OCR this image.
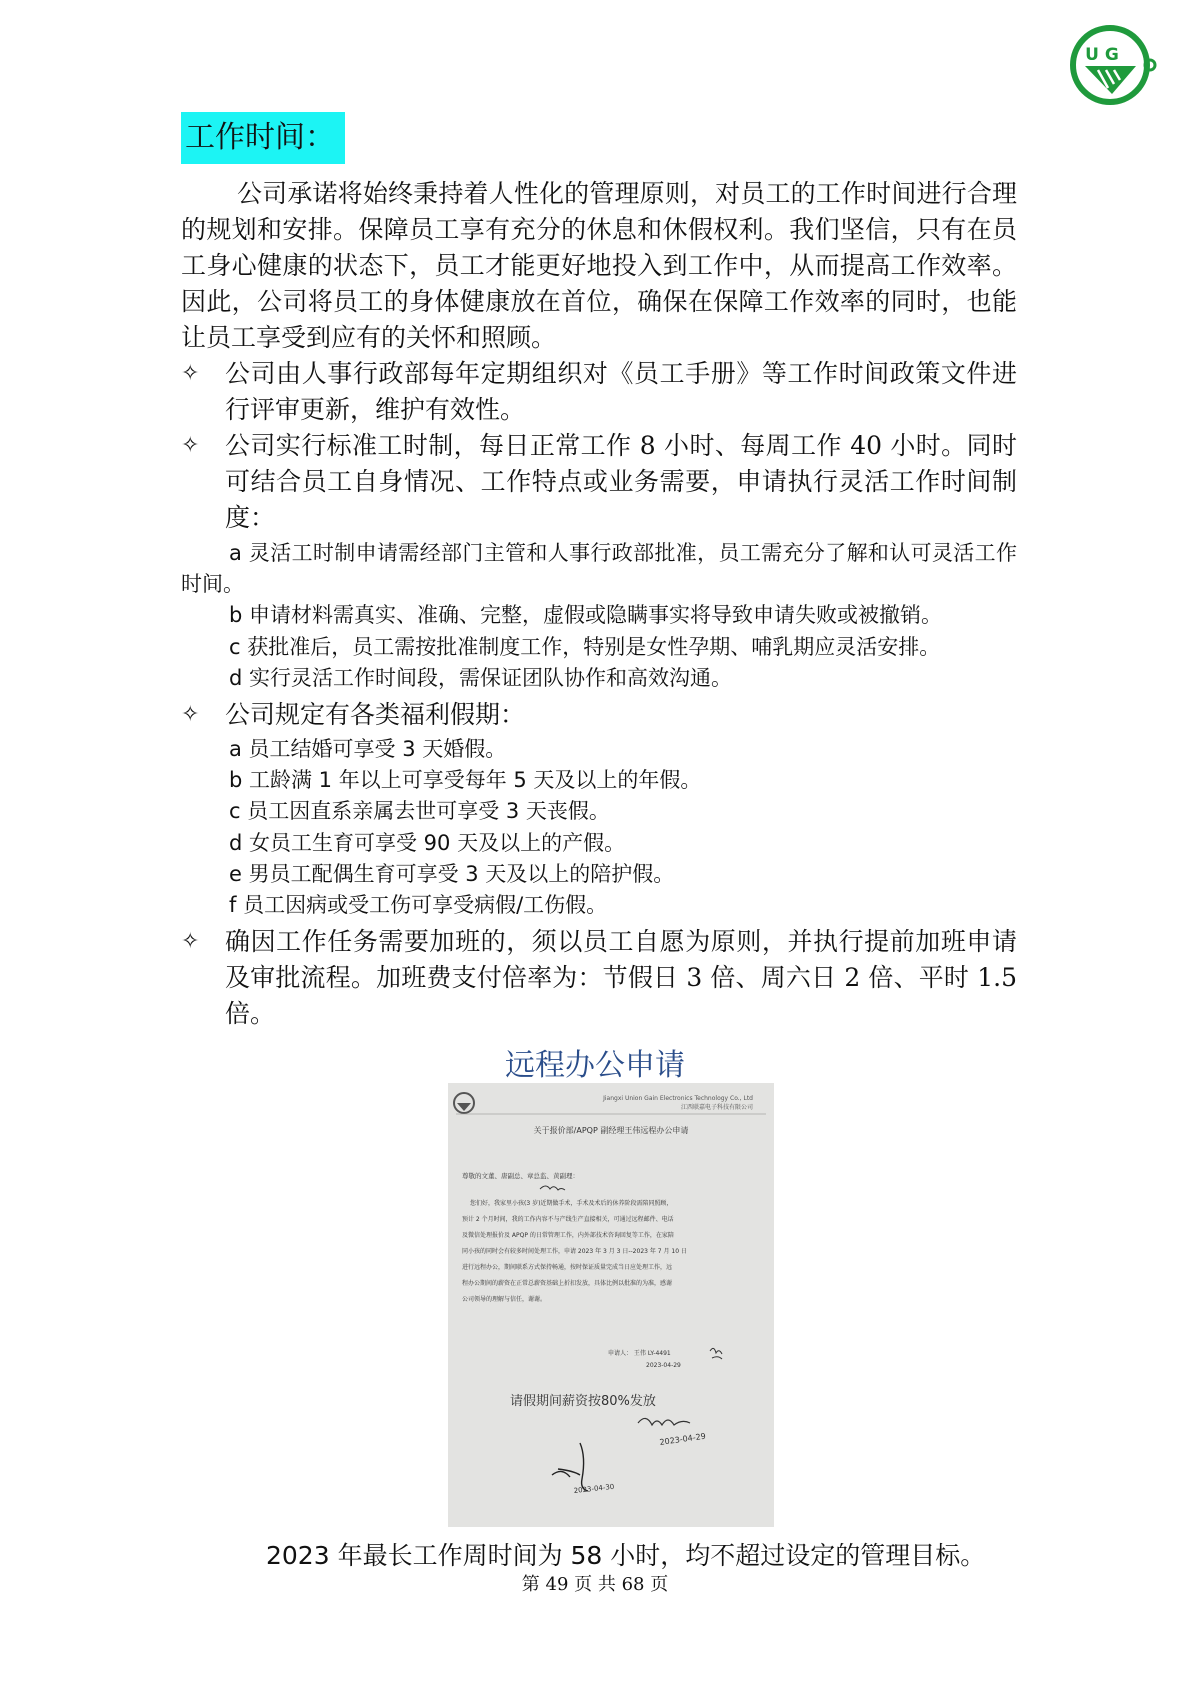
U G
工作时间：

公司承诺将始终秉持着人性化的管理原则，对员工的工作时间进行合理的规划和安排。保障员工享有充分的休息和休假权利。我们坚信，只有在员工身心健康的状态下，员工才能更好地投入到工作中，从而提高工作效率。因此，公司将员工的身体健康放在首位，确保在保障工作效率的同时，也能让员工享受到应有的关怀和照顾。

✧	公司由人事行政部每年定期组织对《员工手册》等工作时间政策文件进行评审更新，维护有效性。
✧	公司实行标准工时制，每日正常工作 8 小时、每周工作 40 小时。同时可结合员工自身情况、工作特点或业务需要，申请执行灵活工作时间制度：
a 灵活工时制申请需经部门主管和人事行政部批准，员工需充分了解和认可灵活工作时间。
b 申请材料需真实、准确、完整，虚假或隐瞒事实将导致申请失败或被撤销。
c 获批准后，员工需按批准制度工作，特别是女性孕期、哺乳期应灵活安排。
d 实行灵活工作时间段，需保证团队协作和高效沟通。
✧	公司规定有各类福利假期：
a 员工结婚可享受 3 天婚假。
b 工龄满 1 年以上可享受每年 5 天及以上的年假。
c 员工因直系亲属去世可享受 3 天丧假。
d 女员工生育可享受 90 天及以上的产假。
e 男员工配偶生育可享受 3 天及以上的陪护假。
f 员工因病或受工伤可享受病假/工伤假。
✧	确因工作任务需要加班的，须以员工自愿为原则，并执行提前加班申请及审批流程。加班费支付倍率为：节假日 3 倍、周六日 2 倍、平时 1.5 倍。
远程办公申请
Jiangxi Union Gain Electronics Technology Co., Ltd
江西联嘉电子科技有限公司
关于报价部/APQP 副经理王伟远程办公申请
尊敬的文董、唐副总、章总监、黄副理：
您们好，我家里小孩(3 岁)近期做手术，手术及术后的休养阶段需陪同照顾，
预计 2 个月时间，我的工作内容不与产线生产直接相关，可通过远程邮件、电话
及微信处理报价及 APQP 的日常管理工作，内外部技术咨询回复等工作，在家陪
同小孩的同时会有较多时间处理工作，申请 2023 年 3 月 3 日--2023 年 7 月 10 日
进行远程办公，期间联系方式保持畅通，按时保证质量完成当日应处理工作，远
程办公期间的薪资在正常总薪资基础上折扣发放，具体比例以批准的为准，感谢
公司领导的理解与信任，谢谢。
申请人： 王伟 LY-4491
2023-04-29
请假期间薪资按80%发放
2023-04-29
2023-04-30
2023 年最长工作周时间为 58 小时，均不超过设定的管理目标。
第 49 页 共 68 页
